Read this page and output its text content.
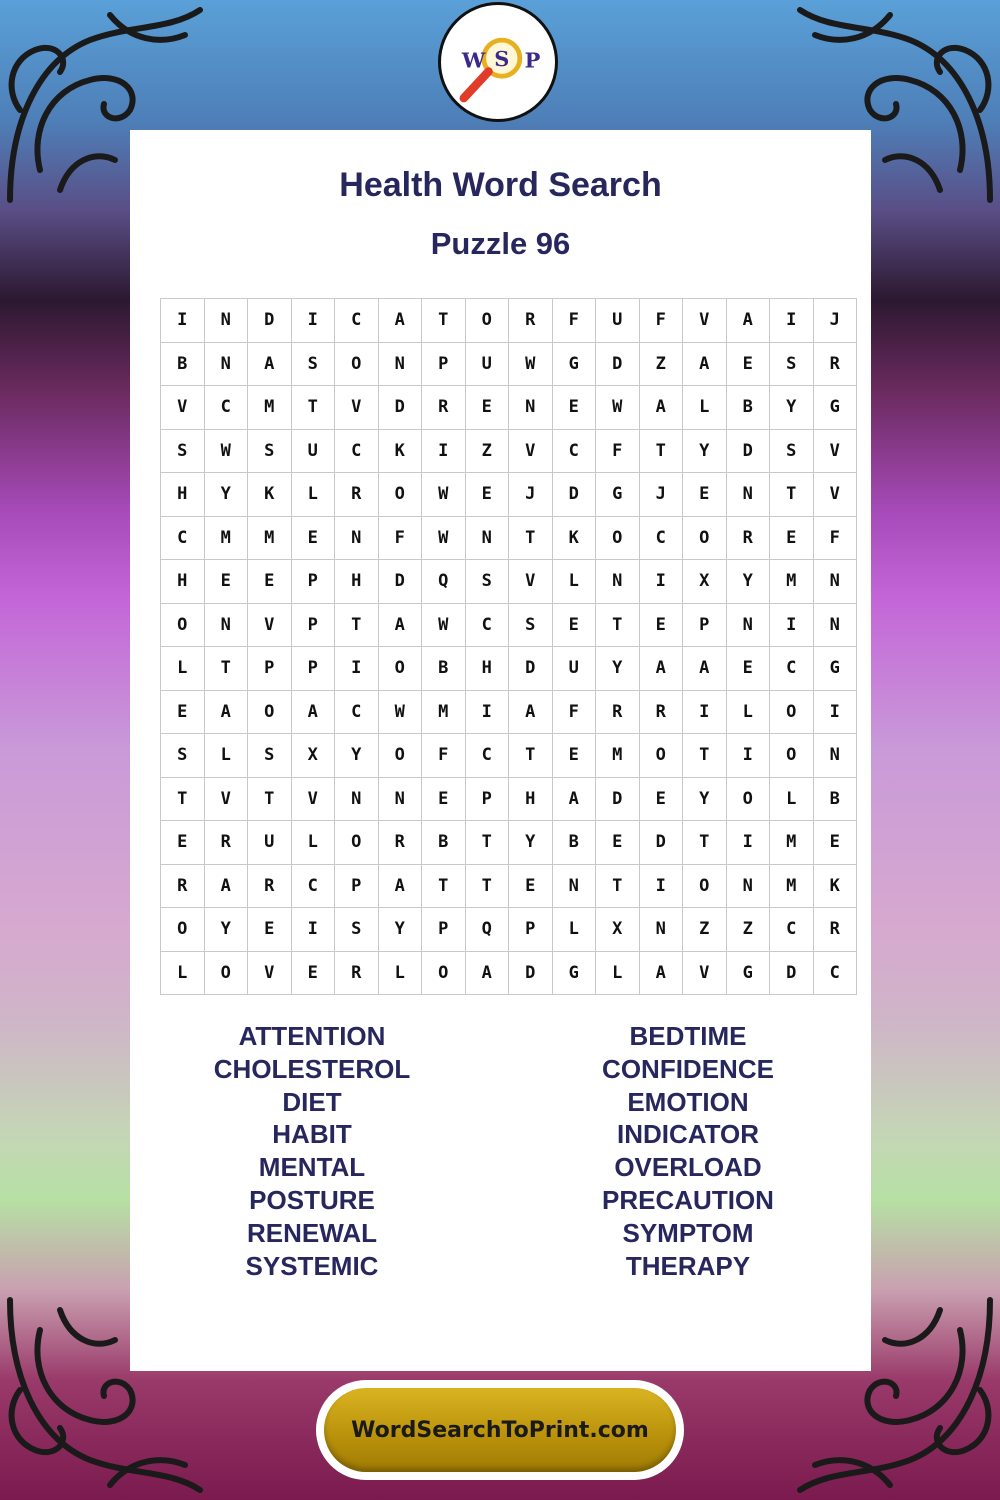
Health Word Search
Puzzle 96
I	N	D	I	C	A	T	O	R	F	U	F	V	A	I	J
B	N	A	S	O	N	P	U	W	G	D	Z	A	E	S	R
V	C	M	T	V	D	R	E	N	E	W	A	L	B	Y	G
S	W	S	U	C	K	I	Z	V	C	F	T	Y	D	S	V
H	Y	K	L	R	O	W	E	J	D	G	J	E	N	T	V
C	M	M	E	N	F	W	N	T	K	O	C	O	R	E	F
H	E	E	P	H	D	Q	S	V	L	N	I	X	Y	M	N
O	N	V	P	T	A	W	C	S	E	T	E	P	N	I	N
L	T	P	P	I	O	B	H	D	U	Y	A	A	E	C	G
E	A	O	A	C	W	M	I	A	F	R	R	I	L	O	I
S	L	S	X	Y	O	F	C	T	E	M	O	T	I	O	N
T	V	T	V	N	N	E	P	H	A	D	E	Y	O	L	B
E	R	U	L	O	R	B	T	Y	B	E	D	T	I	M	E
R	A	R	C	P	A	T	T	E	N	T	I	O	N	M	K
O	Y	E	I	S	Y	P	Q	P	L	X	N	Z	Z	C	R
L	O	V	E	R	L	O	A	D	G	L	A	V	G	D	C
ATTENTION
CHOLESTEROL
DIET
HABIT
MENTAL
POSTURE
RENEWAL
SYSTEMIC
BEDTIME
CONFIDENCE
EMOTION
INDICATOR
OVERLOAD
PRECAUTION
SYMPTOM
THERAPY
W S P
WordSearchToPrint.com
